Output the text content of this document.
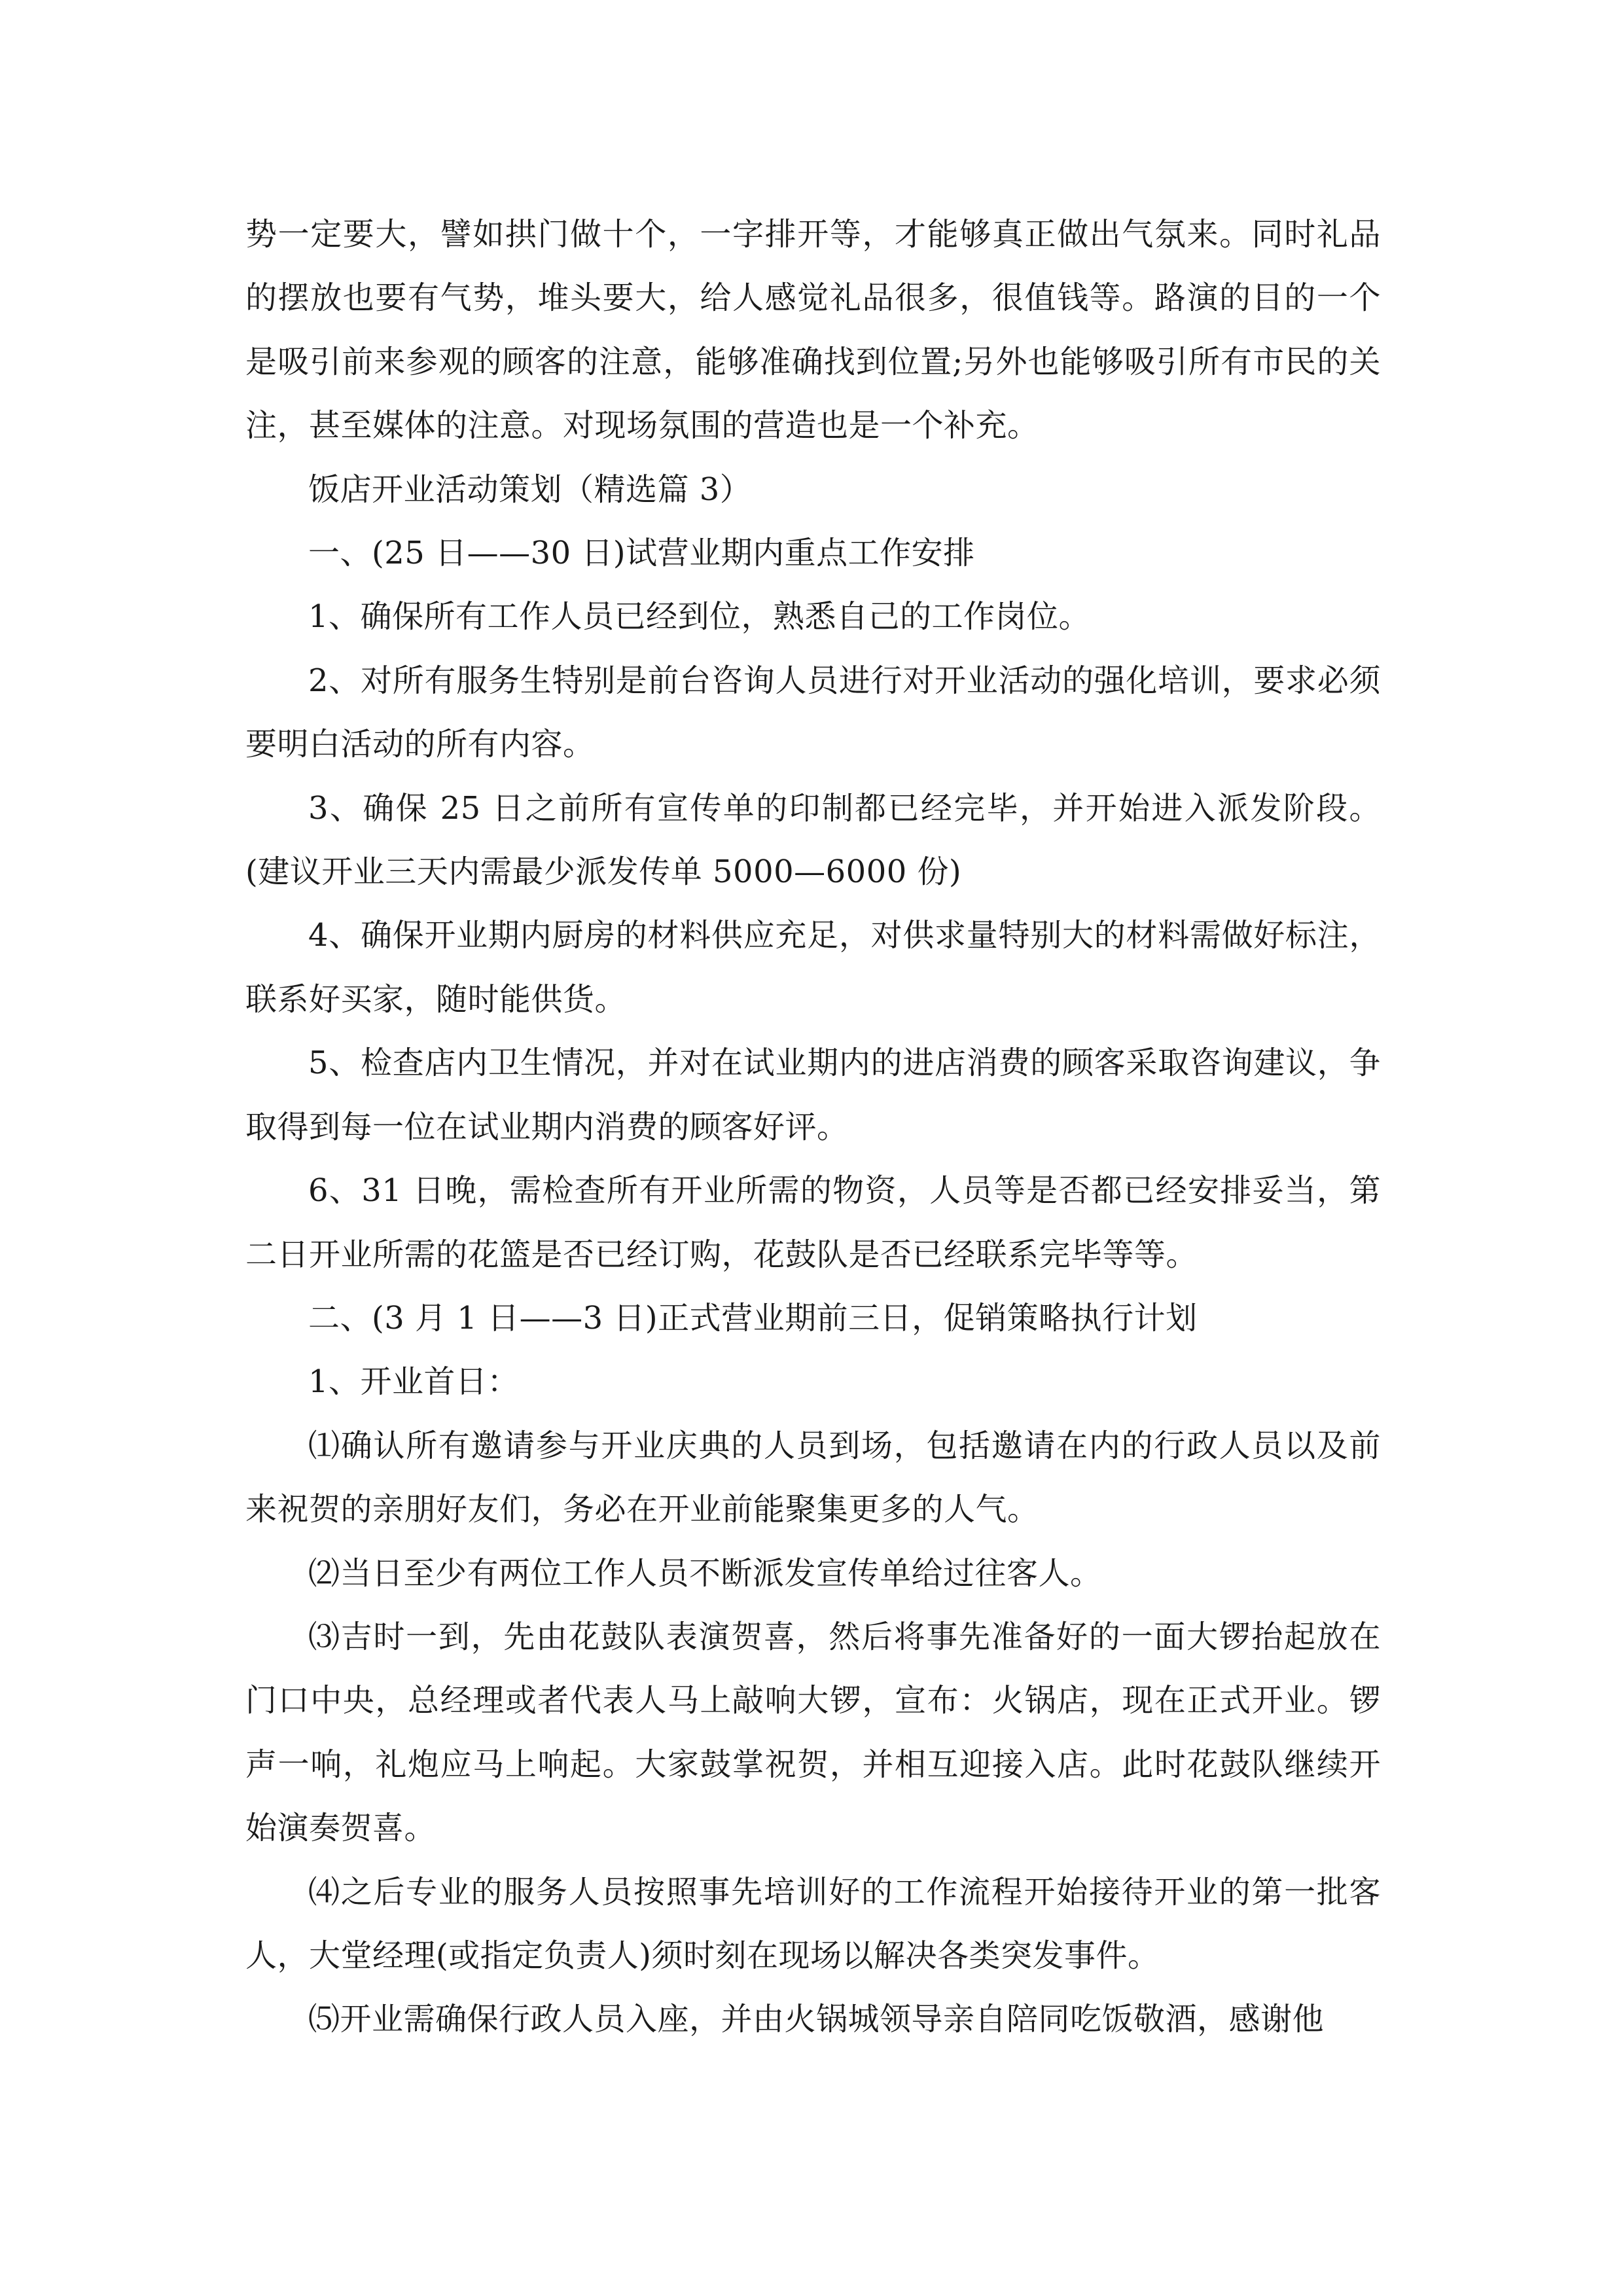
势一定要大，譬如拱门做十个，一字排开等，才能够真正做出气氛来。同时礼品的摆放也要有气势，堆头要大，给人感觉礼品很多，很值钱等。路演的目的一个是吸引前来参观的顾客的注意，能够准确找到位置;另外也能够吸引所有市民的关注，甚至媒体的注意。对现场氛围的营造也是一个补充。

饭店开业活动策划（精选篇 3）

一、(25 日——30 日)试营业期内重点工作安排

1、确保所有工作人员已经到位，熟悉自己的工作岗位。

2、对所有服务生特别是前台咨询人员进行对开业活动的强化培训，要求必须要明白活动的所有内容。

3、确保 25 日之前所有宣传单的印制都已经完毕，并开始进入派发阶段。(建议开业三天内需最少派发传单 5000—6000 份)

4、确保开业期内厨房的材料供应充足，对供求量特别大的材料需做好标注，联系好买家，随时能供货。

5、检查店内卫生情况，并对在试业期内的进店消费的顾客采取咨询建议，争取得到每一位在试业期内消费的顾客好评。

6、31 日晚，需检查所有开业所需的物资，人员等是否都已经安排妥当，第二日开业所需的花篮是否已经订购，花鼓队是否已经联系完毕等等。

二、(3 月 1 日——3 日)正式营业期前三日，促销策略执行计划

1、开业首日：

⑴确认所有邀请参与开业庆典的人员到场，包括邀请在内的行政人员以及前来祝贺的亲朋好友们，务必在开业前能聚集更多的人气。

⑵当日至少有两位工作人员不断派发宣传单给过往客人。

⑶吉时一到，先由花鼓队表演贺喜，然后将事先准备好的一面大锣抬起放在门口中央，总经理或者代表人马上敲响大锣，宣布：火锅店，现在正式开业。锣声一响，礼炮应马上响起。大家鼓掌祝贺，并相互迎接入店。此时花鼓队继续开始演奏贺喜。

⑷之后专业的服务人员按照事先培训好的工作流程开始接待开业的第一批客人，大堂经理(或指定负责人)须时刻在现场以解决各类突发事件。

⑸开业需确保行政人员入座，并由火锅城领导亲自陪同吃饭敬酒，感谢他
